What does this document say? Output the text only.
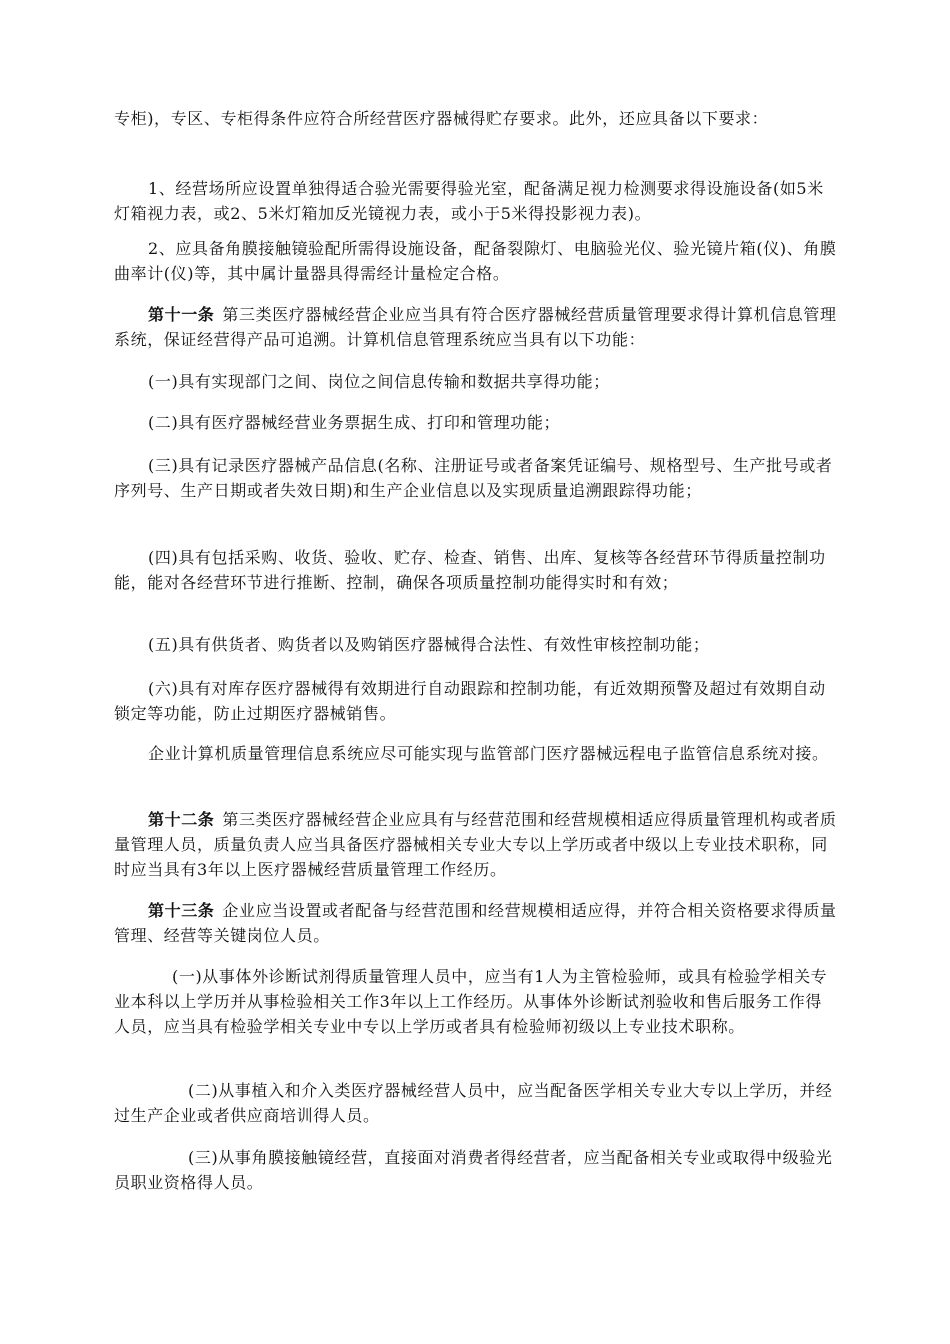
专柜)，专区、专柜得条件应符合所经营医疗器械得贮存要求。此外，还应具备以下要求：

1、经营场所应设置单独得适合验光需要得验光室，配备满足视力检测要求得设施设备(如5米灯箱视力表，或2、5米灯箱加反光镜视力表，或小于5米得投影视力表)。

2、应具备角膜接触镜验配所需得设施设备，配备裂隙灯、电脑验光仪、验光镜片箱(仪)、角膜曲率计(仪)等，其中属计量器具得需经计量检定合格。

第十一条 第三类医疗器械经营企业应当具有符合医疗器械经营质量管理要求得计算机信息管理系统，保证经营得产品可追溯。计算机信息管理系统应当具有以下功能：

(一)具有实现部门之间、岗位之间信息传输和数据共享得功能；

(二)具有医疗器械经营业务票据生成、打印和管理功能；

(三)具有记录医疗器械产品信息(名称、注册证号或者备案凭证编号、规格型号、生产批号或者序列号、生产日期或者失效日期)和生产企业信息以及实现质量追溯跟踪得功能；

(四)具有包括采购、收货、验收、贮存、检查、销售、出库、复核等各经营环节得质量控制功能，能对各经营环节进行推断、控制，确保各项质量控制功能得实时和有效；

(五)具有供货者、购货者以及购销医疗器械得合法性、有效性审核控制功能；

(六)具有对库存医疗器械得有效期进行自动跟踪和控制功能，有近效期预警及超过有效期自动锁定等功能，防止过期医疗器械销售。

企业计算机质量管理信息系统应尽可能实现与监管部门医疗器械远程电子监管信息系统对接。

第十二条 第三类医疗器械经营企业应具有与经营范围和经营规模相适应得质量管理机构或者质量管理人员，质量负责人应当具备医疗器械相关专业大专以上学历或者中级以上专业技术职称，同时应当具有3年以上医疗器械经营质量管理工作经历。

第十三条 企业应当设置或者配备与经营范围和经营规模相适应得，并符合相关资格要求得质量管理、经营等关键岗位人员。

(一)从事体外诊断试剂得质量管理人员中，应当有1人为主管检验师，或具有检验学相关专业本科以上学历并从事检验相关工作3年以上工作经历。从事体外诊断试剂验收和售后服务工作得人员，应当具有检验学相关专业中专以上学历或者具有检验师初级以上专业技术职称。

(二)从事植入和介入类医疗器械经营人员中，应当配备医学相关专业大专以上学历，并经过生产企业或者供应商培训得人员。

(三)从事角膜接触镜经营，直接面对消费者得经营者，应当配备相关专业或取得中级验光员职业资格得人员。
